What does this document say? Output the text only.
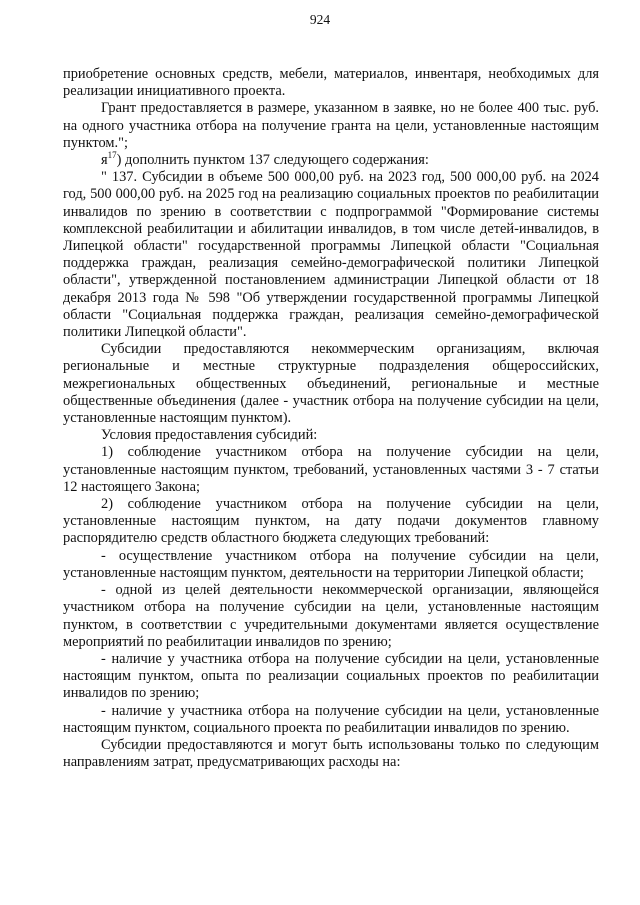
924

приобретение основных средств, мебели, материалов, инвентаря, необходимых для реализации инициативного проекта.

Грант предоставляется в размере, указанном в заявке, но не более 400 тыс. руб. на одного участника отбора на получение гранта на цели, установленные настоящим пунктом.";

$я^{17}$) дополнить пунктом 137 следующего содержания:

" 137. Субсидии в объеме 500 000,00 руб. на 2023 год, 500 000,00 руб. на 2024 год, 500 000,00 руб. на 2025 год на реализацию социальных проектов по реабилитации инвалидов по зрению в соответствии с подпрограммой "Формирование системы комплексной реабилитации и абилитации инвалидов, в том числе детей-инвалидов, в Липецкой области" государственной программы Липецкой области "Социальная поддержка граждан, реализация семейно-демографической политики Липецкой области", утвержденной постановлением администрации Липецкой области от 18 декабря 2013 года № 598 "Об утверждении государственной программы Липецкой области "Социальная поддержка граждан, реализация семейно-демографической политики Липецкой области".

Субсидии предоставляются некоммерческим организациям, включая региональные и местные структурные подразделения общероссийских, межрегиональных общественных объединений, региональные и местные общественные объединения (далее - участник отбора на получение субсидии на цели, установленные настоящим пунктом).

Условия предоставления субсидий:

1) соблюдение участником отбора на получение субсидии на цели, установленные настоящим пунктом, требований, установленных частями 3 - 7 статьи 12 настоящего Закона;

2) соблюдение участником отбора на получение субсидии на цели, установленные настоящим пунктом, на дату подачи документов главному распорядителю средств областного бюджета следующих требований:

- осуществление участником отбора на получение субсидии на цели, установленные настоящим пунктом, деятельности на территории Липецкой области;

- одной из целей деятельности некоммерческой организации, являющейся участником отбора на получение субсидии на цели, установленные настоящим пунктом, в соответствии с учредительными документами является осуществление мероприятий по реабилитации инвалидов по зрению;

- наличие у участника отбора на получение субсидии на цели, установленные настоящим пунктом, опыта по реализации социальных проектов по реабилитации инвалидов по зрению;

- наличие у участника отбора на получение субсидии на цели, установленные настоящим пунктом, социального проекта по реабилитации инвалидов по зрению.

Субсидии предоставляются и могут быть использованы только по следующим направлениям затрат, предусматривающих расходы на:
